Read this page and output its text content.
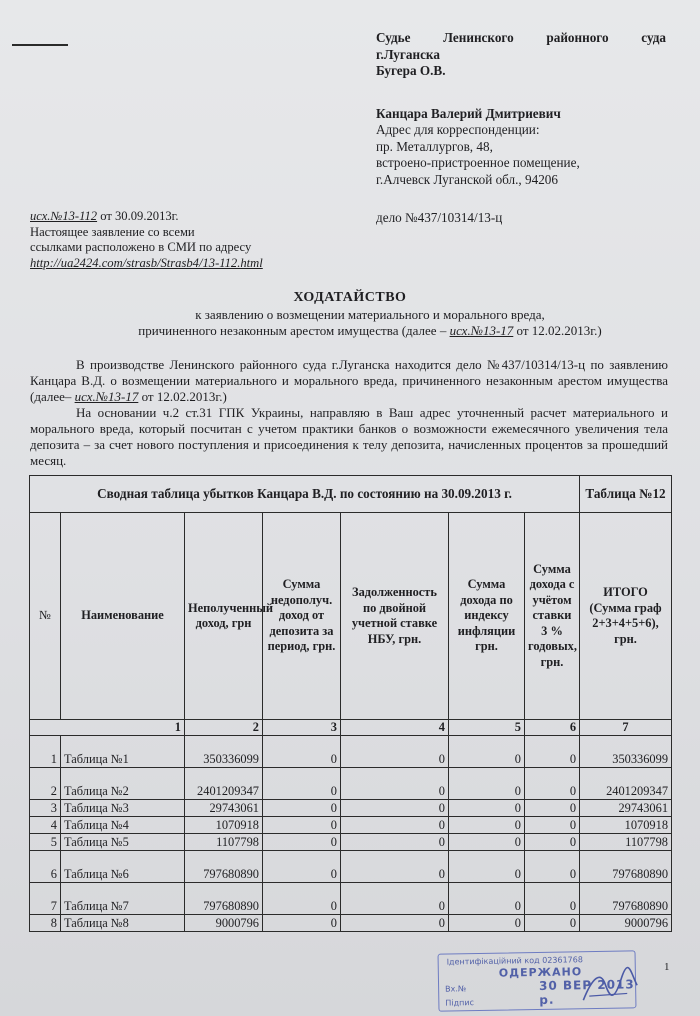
Судье Ленинского районного суда
г.Луганска
Бугера О.В.
Канцара Валерий Дмитриевич
Адрес для корреспонденции:
пр. Металлургов, 48,
встроено-пристроенное помещение,
г.Алчевск Луганской обл., 94206
дело №437/10314/13-ц
исх.№13-112 от 30.09.2013г.
Настоящее заявление со всеми
ссылками расположено в СМИ по адресу
http://ua2424.com/strasb/Strasb4/13-112.html
ХОДАТАЙСТВО
к заявлению о возмещении материального и морального вреда,
причиненного незаконным арестом имущества (далее – исх.№13-17 от 12.02.2013г.)

В производстве Ленинского районного суда г.Луганска находится дело №437/10314/13-ц по заявлению Канцара В.Д. о возмещении материального и морального вреда, причиненного незаконным арестом имущества (далее– исх.№13-17 от 12.02.2013г.)

На основании ч.2 ст.31 ГПК Украины, направляю в Ваш адрес уточненный расчет материального и морального вреда, который посчитан с учетом практики банков о возможности ежемесячного увеличения тела депозита – за счет нового поступления и присоединения к телу депозита, начисленных процентов за прошедший месяц.

Сводная таблица убытков Канцара В.Д. по состоянию на 30.09.2013 г.							Таблица №12
№	Наименование	Неполученный доход, грн	Сумма недополуч. доход от депозита за период, грн.	Задолженность по двойной учетной ставке НБУ, грн.	Сумма дохода по индексу инфляции грн.	Сумма дохода с учётом ставки 3 % годовых, грн.	ИТОГО (Сумма граф 2+3+4+5+6), грн.
1		2	3	4	5	6	7
1	Таблица №1	350336099	0	0	0	0	350336099
2	Таблица №2	2401209347	0	0	0	0	2401209347
3	Таблица №3	29743061	0	0	0	0	29743061
4	Таблица №4	1070918	0	0	0	0	1070918
5	Таблица №5	1107798	0	0	0	0	1107798
6	Таблица №6	797680890	0	0	0	0	797680890
7	Таблица №7	797680890	0	0	0	0	797680890
8	Таблица №8	9000796	0	0	0	0	9000796
1
Ідентифікаційний код 02361768
ОДЕРЖАНО
Вх.№	30 ВЕР 2013 р.
Підпис
